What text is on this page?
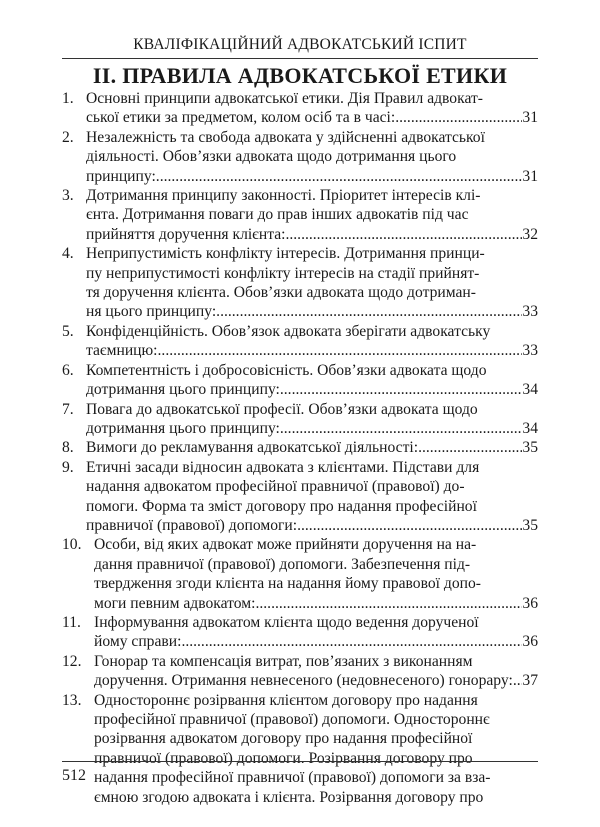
КВАЛІФІКАЦІЙНИЙ АДВОКАТСЬКИЙ ІСПИТ
ІІ. ПРАВИЛА АДВОКАТСЬКОЇ ЕТИКИ
1. Основні принципи адвокатської етики. Дія Правил адвокат-
ської етики за предметом, колом осіб та в часі: .....	31
2. Незалежність та свобода адвоката у здійсненні адвокатської
діяльності. Обов’язки адвоката щодо дотримання цього
принципу: .....	31
3. Дотримання принципу законності. Пріоритет інтересів клі-
єнта. Дотримання поваги до прав інших адвокатів під час
прийняття доручення клієнта: .....	32
4. Неприпустимість конфлікту інтересів. Дотримання принци-
пу неприпустимості конфлікту інтересів на стадії прийнят-
тя доручення клієнта. Обов’язки адвоката щодо дотриман-
ня цього принципу: .....	33
5. Конфіденційність. Обов’язок адвоката зберігати адвокатську
таємницю: .....	33
6. Компетентність і добросовісність. Обов’язки адвоката щодо
дотримання цього принципу: .....	34
7. Повага до адвокатської професії. Обов’язки адвоката щодо
дотримання цього принципу: .....	34
8. Вимоги до рекламування адвокатської діяльності: .....	35
9. Етичні засади відносин адвоката з клієнтами. Підстави для
надання адвокатом професійної правничої (правової) до-
помоги. Форма та зміст договору про надання професійної
правничої (правової) допомоги: .....	35
10. Особи, від яких адвокат може прийняти доручення на на-
дання правничої (правової) допомоги. Забезпечення під-
твердження згоди клієнта на надання йому правової допо-
моги певним адвокатом: .....	36
11. Інформування адвокатом клієнта щодо ведення дорученої
йому справи: .....	36
12. Гонорар та компенсація витрат, пов’язаних з виконанням
доручення. Отримання невнесеного (недовнесеного) гонорару: ..... 37
13. Одностороннє розірвання клієнтом договору про надання
професійної правничої (правової) допомоги. Одностороннє
розірвання адвокатом договору про надання професійної
правничої (правової) допомоги. Розірвання договору про
надання професійної правничої (правової) допомоги за вза-
ємною згодою адвоката і клієнта. Розірвання договору про
512
